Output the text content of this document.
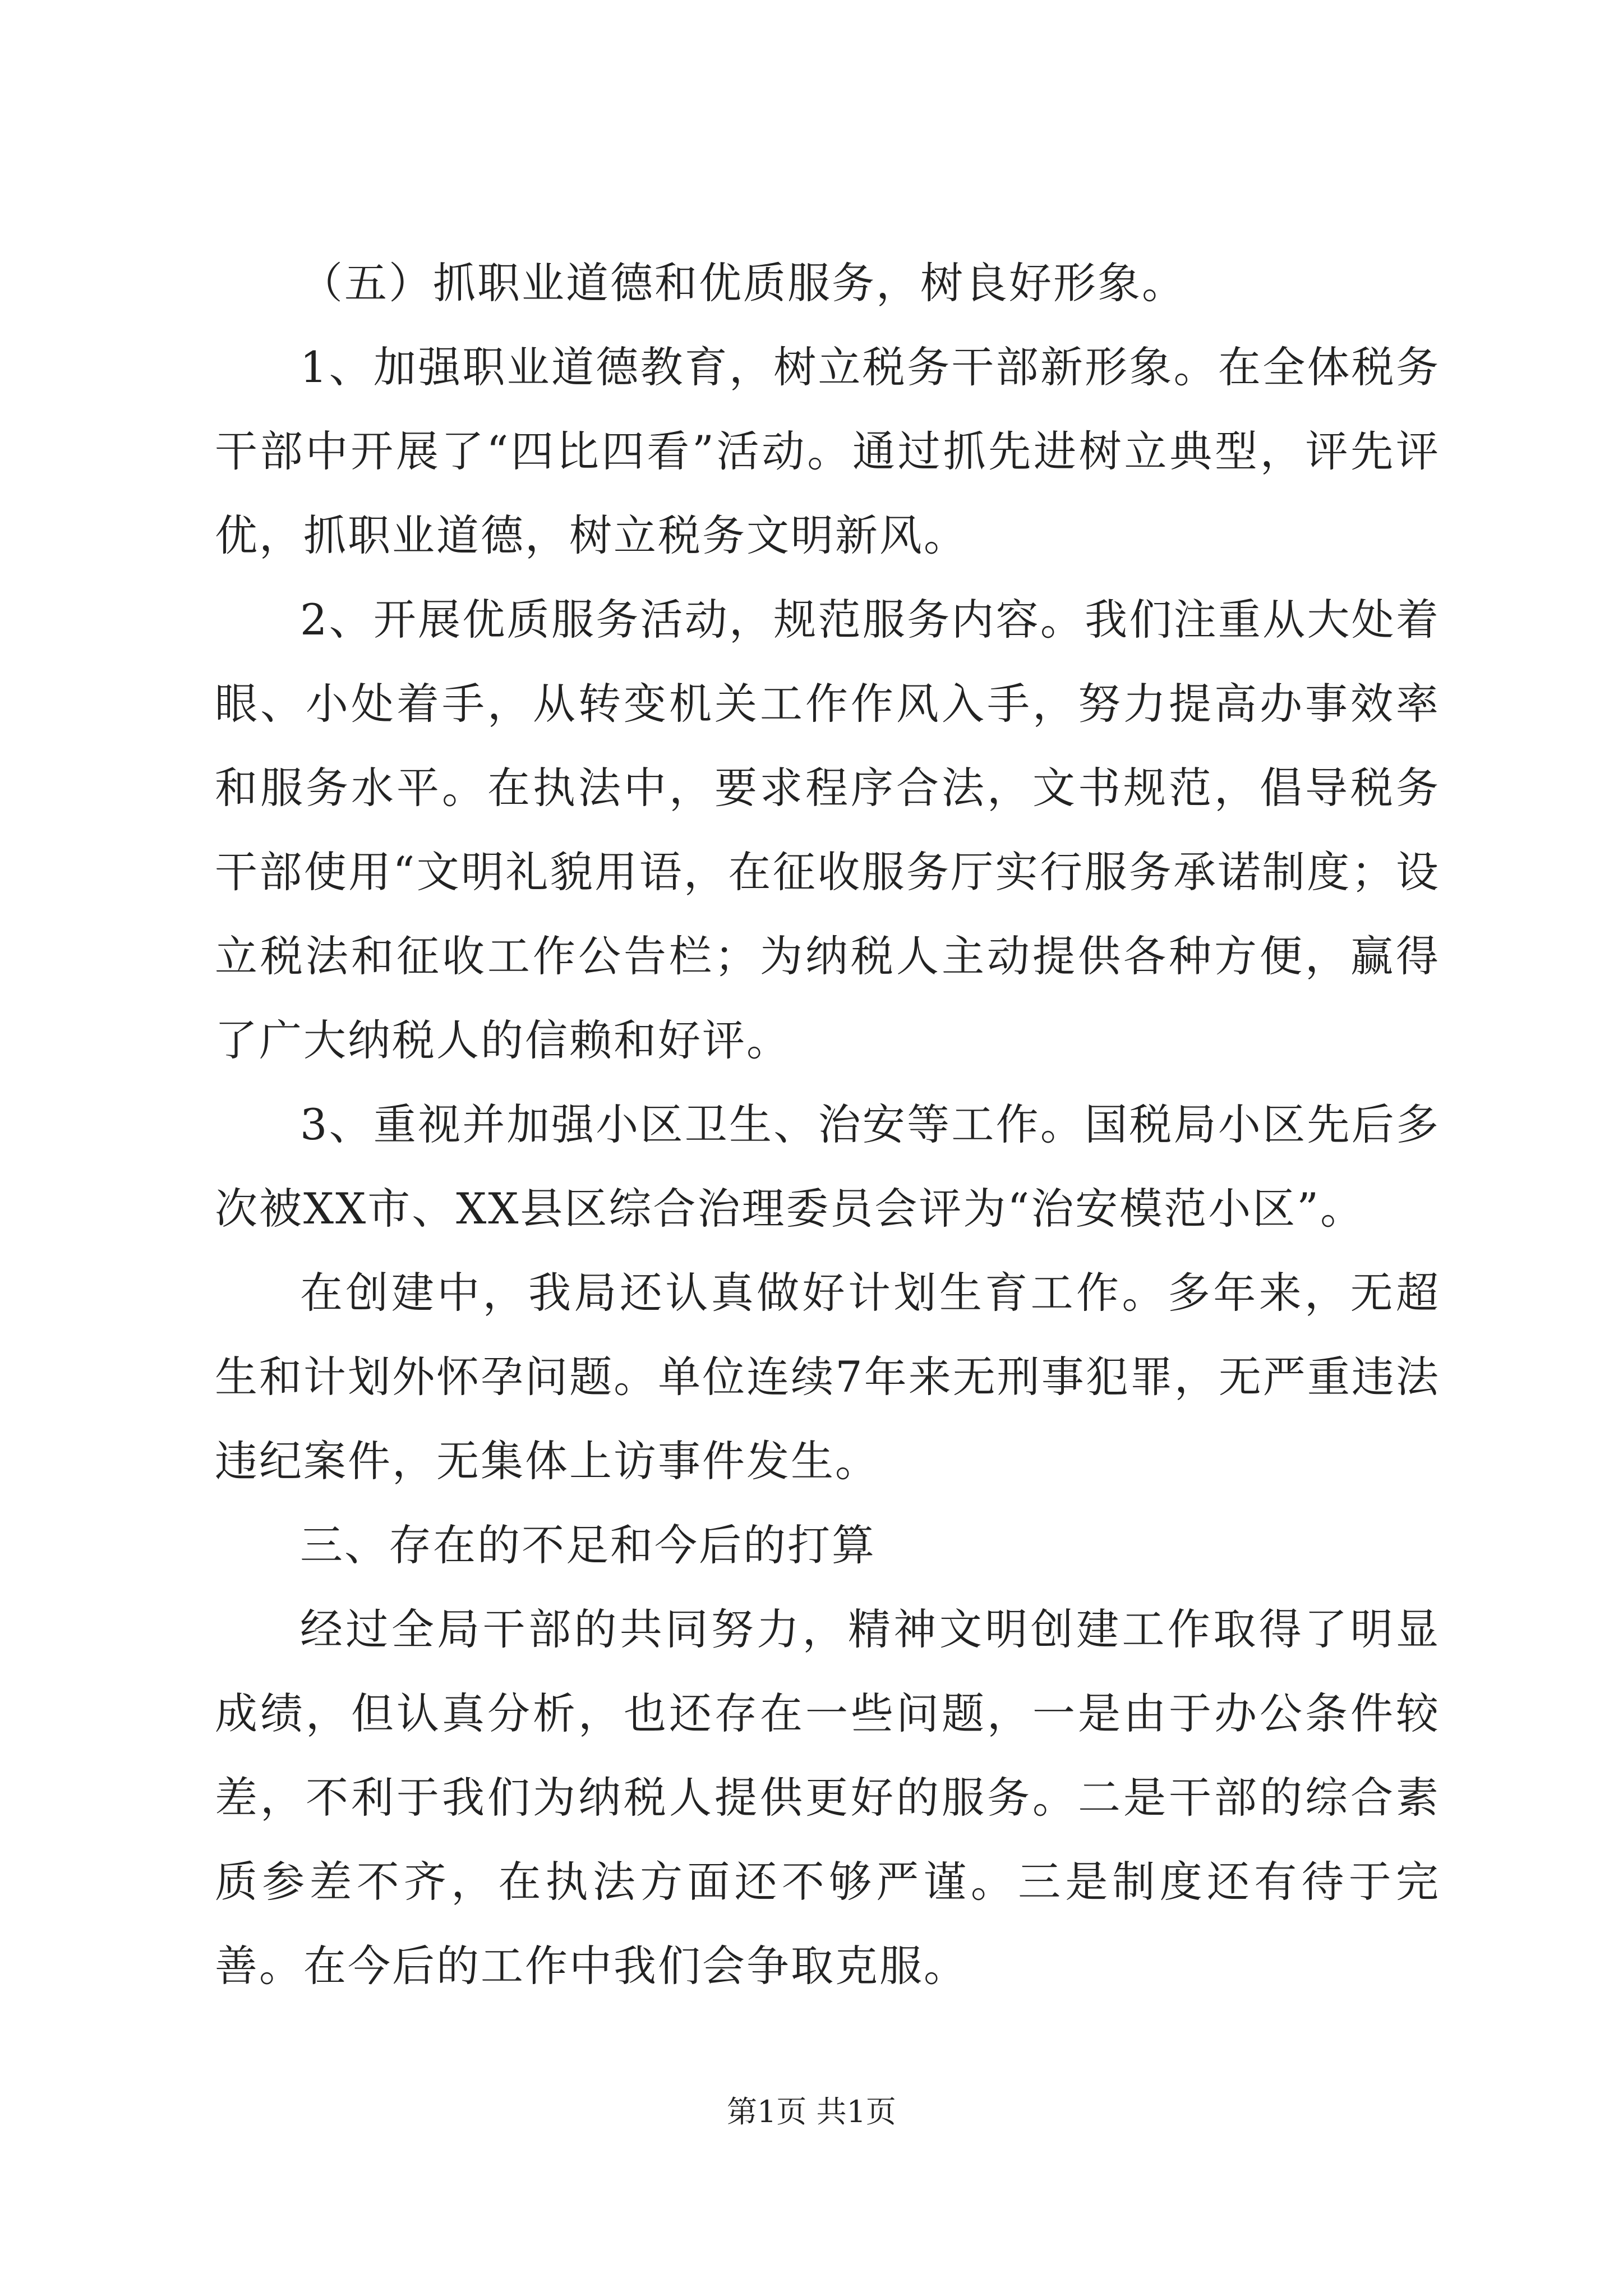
（五）抓职业道德和优质服务，树良好形象。

1、加强职业道德教育，树立税务干部新形象。在全体税务干部中开展了“四比四看”活动。通过抓先进树立典型，评先评优，抓职业道德，树立税务文明新风。

2、开展优质服务活动，规范服务内容。我们注重从大处着眼、小处着手，从转变机关工作作风入手，努力提高办事效率和服务水平。在执法中，要求程序合法，文书规范，倡导税务干部使用“文明礼貌用语，在征收服务厅实行服务承诺制度；设立税法和征收工作公告栏；为纳税人主动提供各种方便，赢得了广大纳税人的信赖和好评。

3、重视并加强小区卫生、治安等工作。国税局小区先后多次被XX市、XX县区综合治理委员会评为“治安模范小区”。

在创建中，我局还认真做好计划生育工作。多年来，无超生和计划外怀孕问题。单位连续7年来无刑事犯罪，无严重违法违纪案件，无集体上访事件发生。

三、存在的不足和今后的打算

经过全局干部的共同努力，精神文明创建工作取得了明显成绩，但认真分析，也还存在一些问题，一是由于办公条件较差，不利于我们为纳税人提供更好的服务。二是干部的综合素质参差不齐，在执法方面还不够严谨。三是制度还有待于完善。在今后的工作中我们会争取克服。

第1页 共1页
